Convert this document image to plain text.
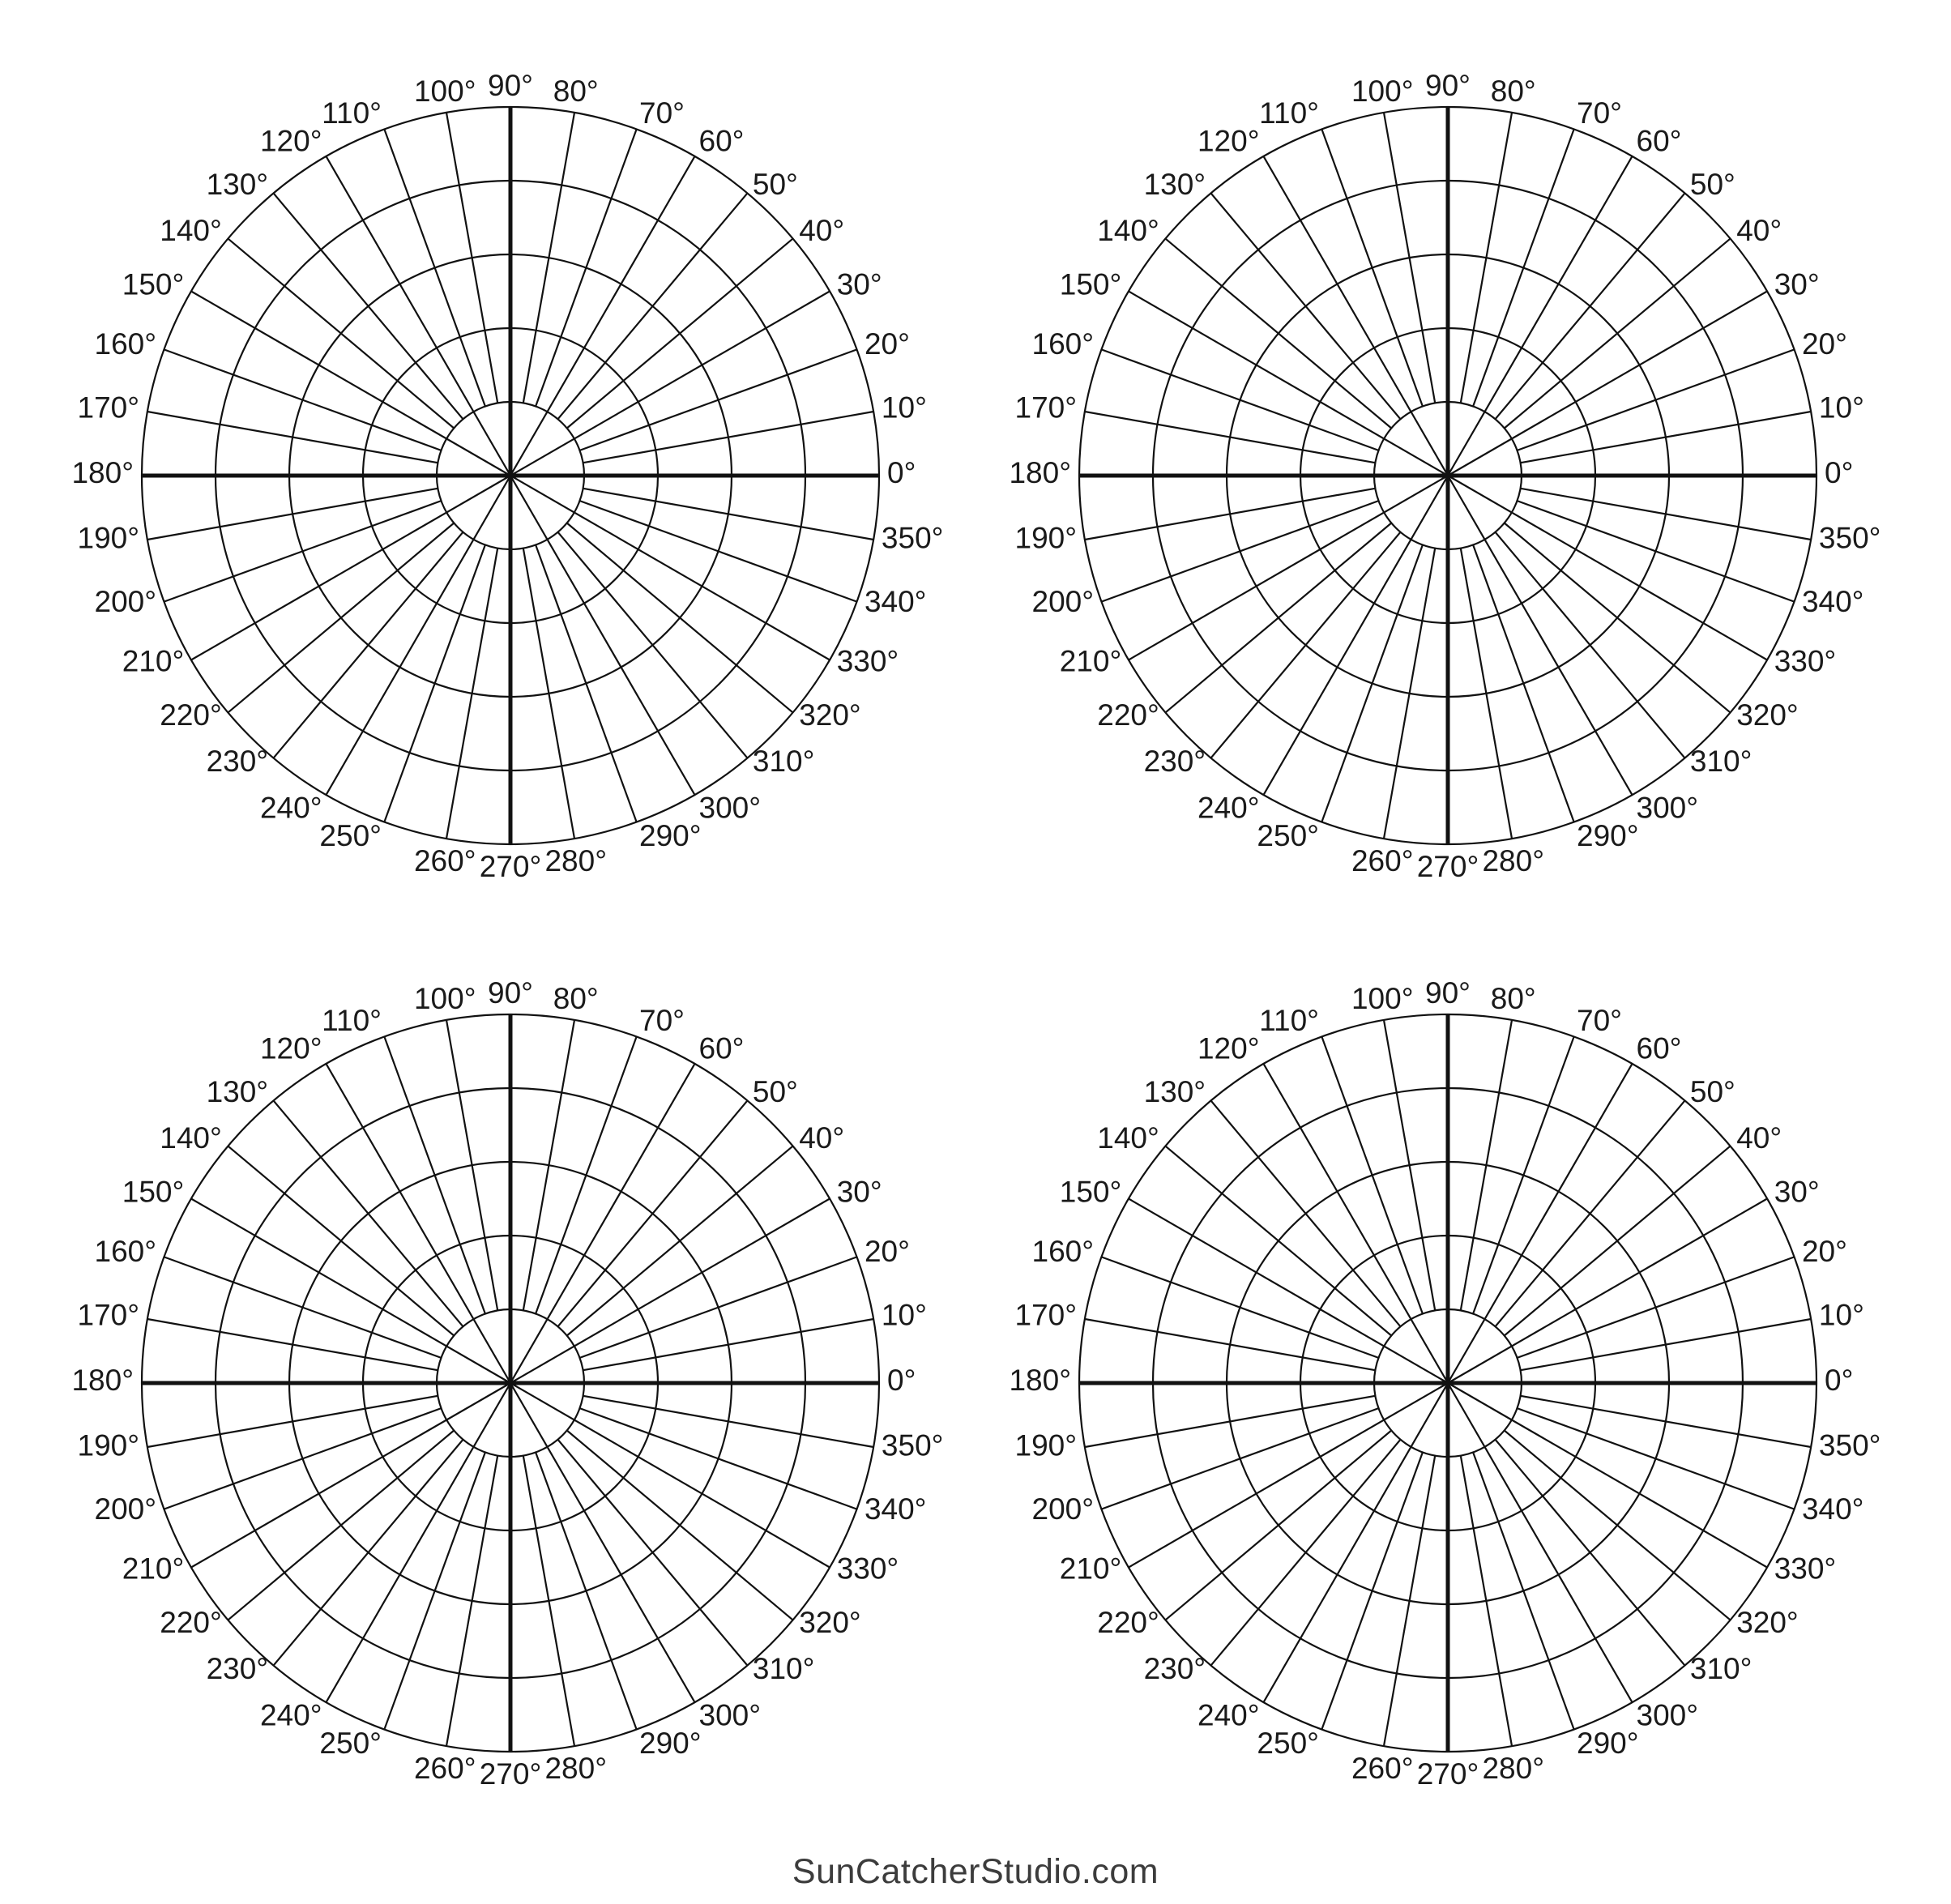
0°
10°
20°
30°
40°
50°
60°
70°
80°
90°
100°
110°
120°
130°
140°
150°
160°
170°
180°
190°
200°
210°
220°
230°
240°
250°
260° 270° 280°
290°
300°
310°
320°
330°
340°
350°
0°
10°
20°
30°
40°
50°
60°
70°
80°
90°
100°
110°
120°
130°
140°
150°
160°
170°
180°
190°
200°
210°
220°
230°
240°
250°
260° 270° 280°
290°
300°
310°
320°
330°
340°
350°
0°
10°
20°
30°
40°
50°
60°
70°
80°
90°
100°
110°
120°
130°
140°
150°
160°
170°
180°
190°
200°
210°
220°
230°
240°
250°
260° 270° 280°
290°
300°
310°
320°
330°
340°
350°
0°
10°
20°
30°
40°
50°
60°
70°
80°
90°
100°
110°
120°
130°
140°
150°
160°
170°
180°
190°
200°
210°
220°
230°
240°
250°
260° 270° 280°
290°
300°
310°
320°
330°
340°
350°
SunCatcherStudio.com
